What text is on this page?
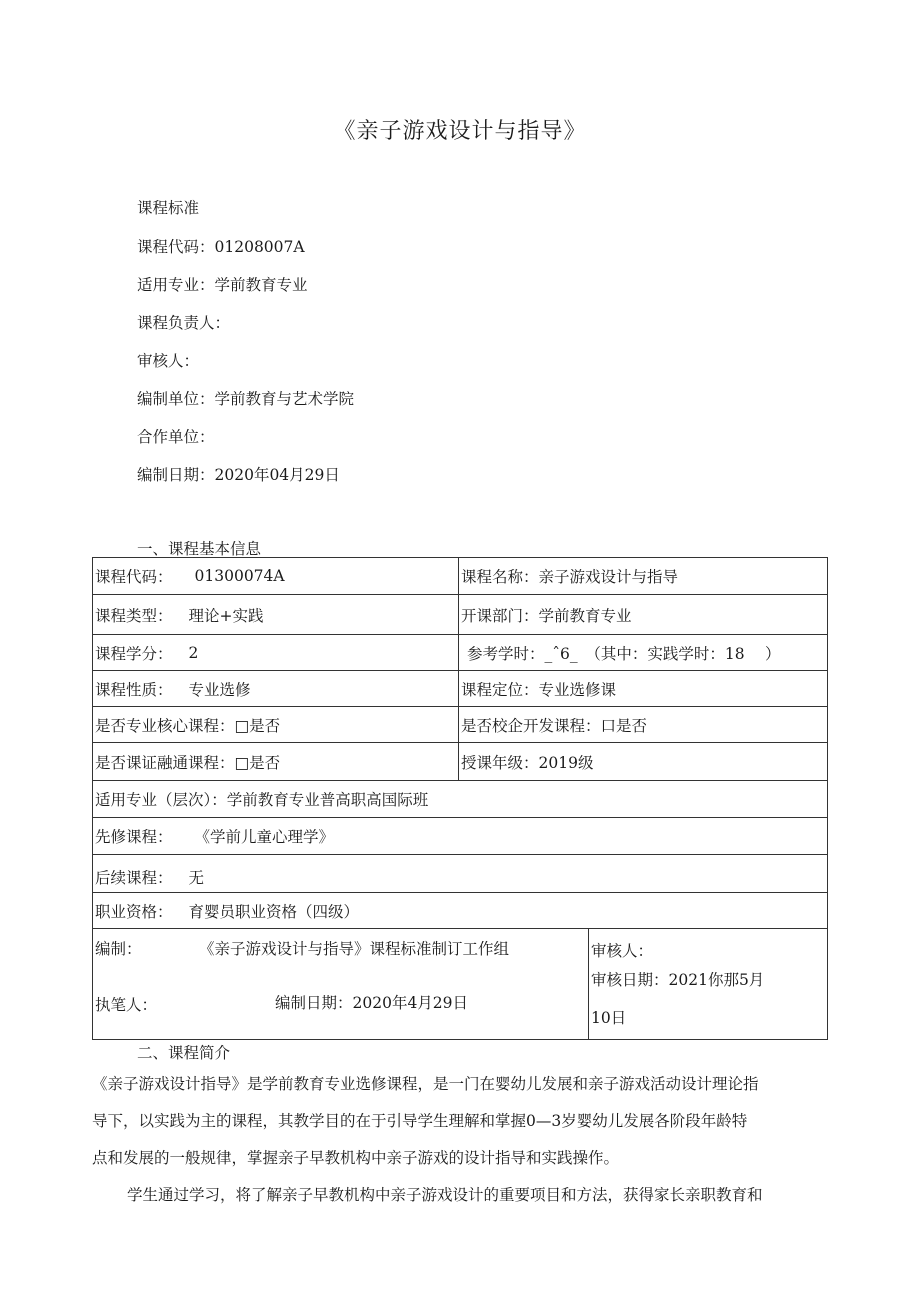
《亲子游戏设计与指导》
课程标准
课程代码：01208007A
适用专业：学前教育专业
课程负责人：
审核人：
编制单位：学前教育与艺术学院
合作单位：
编制日期：2020年04月29日
一、课程基本信息
课程代码： 01300074A	课程名称： 亲子游戏设计与指导
课程类型： 理论+实践	开课部门： 学前教育专业
课程学分： 2	参考学时：_ˆ6_　（其中：实践学时：18　 ）
课程性质： 专业选修	课程定位： 专业选修课
是否专业核心课程：□是否	是否校企开发课程：口是否
是否课证融通课程：□是否	授课年级：2019级
适用专业（层次）：学前教育专业普高职高国际班
先修课程： 《学前儿童心理学》
后续课程： 无
职业资格： 育婴员职业资格（四级）
编制：	《亲子游戏设计与指导》课程标准制订工作组
执笔人：	编制日期：2020年4月29日
审核人：
审核日期：2021你那5月
10日
二、课程简介
《亲子游戏设计指导》是学前教育专业选修课程，是一门在婴幼儿发展和亲子游戏活动设计理论指
导下，以实践为主的课程，其教学目的在于引导学生理解和掌握0—3岁婴幼儿发展各阶段年龄特
点和发展的一般规律，掌握亲子早教机构中亲子游戏的设计指导和实践操作。
学生通过学习，将了解亲子早教机构中亲子游戏设计的重要项目和方法，获得家长亲职教育和
